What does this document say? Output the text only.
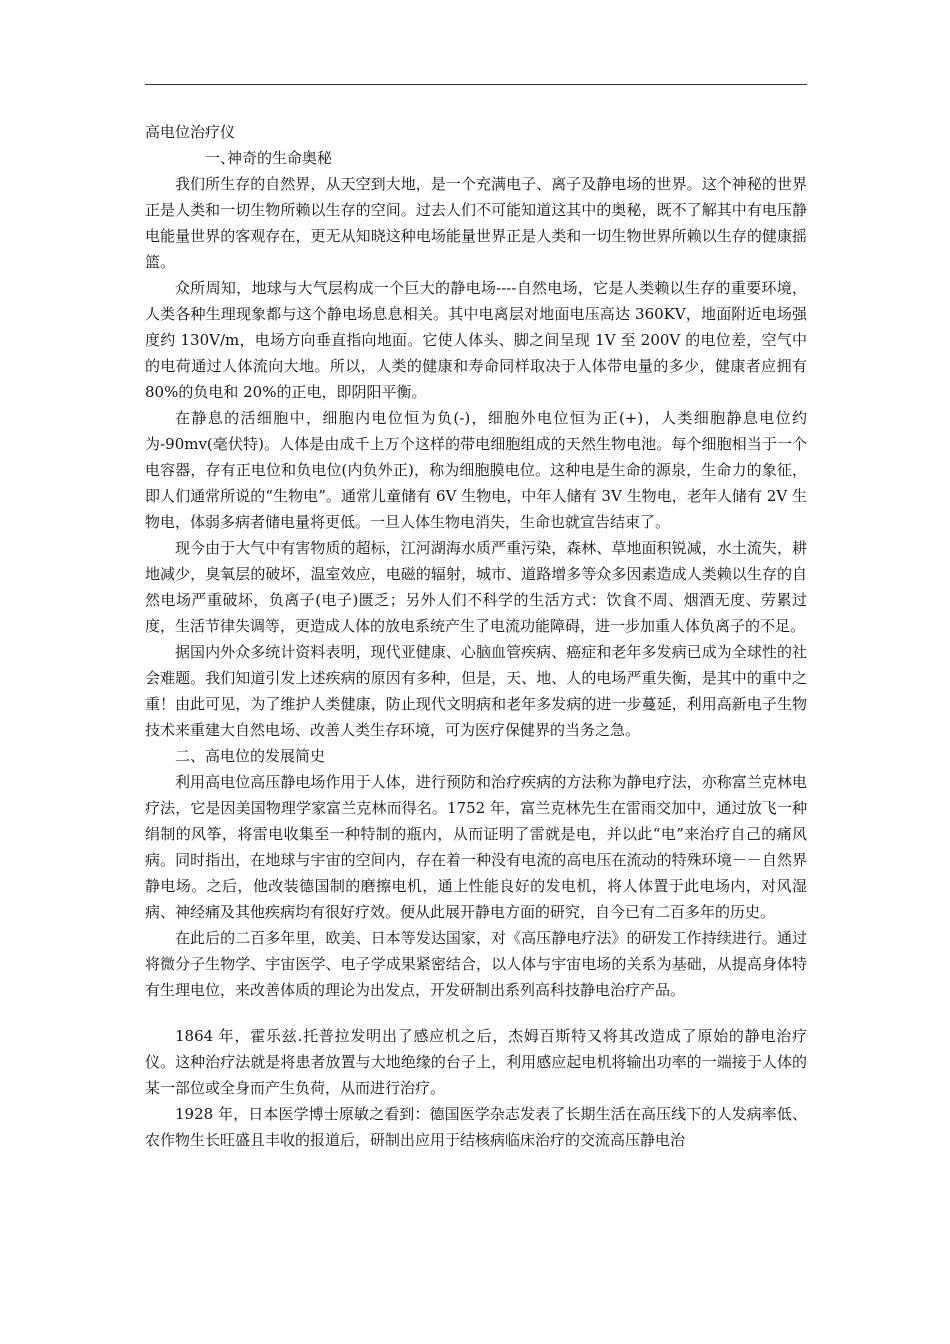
高电位治疗仪

一、神奇的生命奥秘

我们所生存的自然界，从天空到大地，是一个充满电子、离子及静电场的世界。这个神秘的世界正是人类和一切生物所赖以生存的空间。过去人们不可能知道这其中的奥秘，既不了解其中有电压静电能量世界的客观存在，更无从知晓这种电场能量世界正是人类和一切生物世界所赖以生存的健康摇篮。

众所周知，地球与大气层构成一个巨大的静电场----自然电场，它是人类赖以生存的重要环境，人类各种生理现象都与这个静电场息息相关。其中电离层对地面电压高达 360KV，地面附近电场强度约 130V/m，电场方向垂直指向地面。它使人体头、脚之间呈现 1V 至 200V 的电位差，空气中的电荷通过人体流向大地。所以，人类的健康和寿命同样取决于人体带电量的多少，健康者应拥有 80%的负电和 20%的正电，即阴阳平衡。

在静息的活细胞中，细胞内电位恒为负(-)，细胞外电位恒为正(+)，人类细胞静息电位约为-90mv(毫伏特)。人体是由成千上万个这样的带电细胞组成的天然生物电池。每个细胞相当于一个电容器，存有正电位和负电位(内负外正)，称为细胞膜电位。这种电是生命的源泉，生命力的象征，即人们通常所说的“生物电”。通常儿童储有 6V 生物电，中年人储有 3V 生物电，老年人储有 2V 生物电，体弱多病者储电量将更低。一旦人体生物电消失，生命也就宣告结束了。

现今由于大气中有害物质的超标，江河湖海水质严重污染，森林、草地面积锐减，水土流失，耕地减少，臭氧层的破坏，温室效应，电磁的辐射，城市、道路增多等众多因素造成人类赖以生存的自然电场严重破坏，负离子(电子)匮乏；另外人们不科学的生活方式：饮食不周、烟酒无度、劳累过度，生活节律失调等，更造成人体的放电系统产生了电流功能障碍，进一步加重人体负离子的不足。

据国内外众多统计资料表明，现代亚健康、心脑血管疾病、癌症和老年多发病已成为全球性的社会难题。我们知道引发上述疾病的原因有多种，但是，天、地、人的电场严重失衡，是其中的重中之重！由此可见，为了维护人类健康，防止现代文明病和老年多发病的进一步蔓延，利用高新电子生物技术来重建大自然电场、改善人类生存环境，可为医疗保健界的当务之急。

二、高电位的发展简史

利用高电位高压静电场作用于人体，进行预防和治疗疾病的方法称为静电疗法，亦称富兰克林电疗法，它是因美国物理学家富兰克林而得名。1752 年，富兰克林先生在雷雨交加中，通过放飞一种绢制的风筝，将雷电收集至一种特制的瓶内，从而证明了雷就是电，并以此“电”来治疗自己的痛风病。同时指出，在地球与宇宙的空间内，存在着一种没有电流的高电压在流动的特殊环境－－自然界静电场。之后，他改装德国制的磨擦电机，通上性能良好的发电机，将人体置于此电场内，对风湿病、神经痛及其他疾病均有很好疗效。便从此展开静电方面的研究，自今已有二百多年的历史。

在此后的二百多年里，欧美、日本等发达国家，对《高压静电疗法》的研发工作持续进行。通过将微分子生物学、宇宙医学、电子学成果紧密结合，以人体与宇宙电场的关系为基础，从提高身体特有生理电位，来改善体质的理论为出发点，开发研制出系列高科技静电治疗产品。

1864 年，霍乐兹.托普拉发明出了感应机之后，杰姆百斯特又将其改造成了原始的静电治疗仪。这种治疗法就是将患者放置与大地绝缘的台子上，利用感应起电机将输出功率的一端接于人体的某一部位或全身而产生负荷，从而进行治疗。

1928 年，日本医学博士原敏之看到：德国医学杂志发表了长期生活在高压线下的人发病率低、农作物生长旺盛且丰收的报道后，研制出应用于结核病临床治疗的交流高压静电治
